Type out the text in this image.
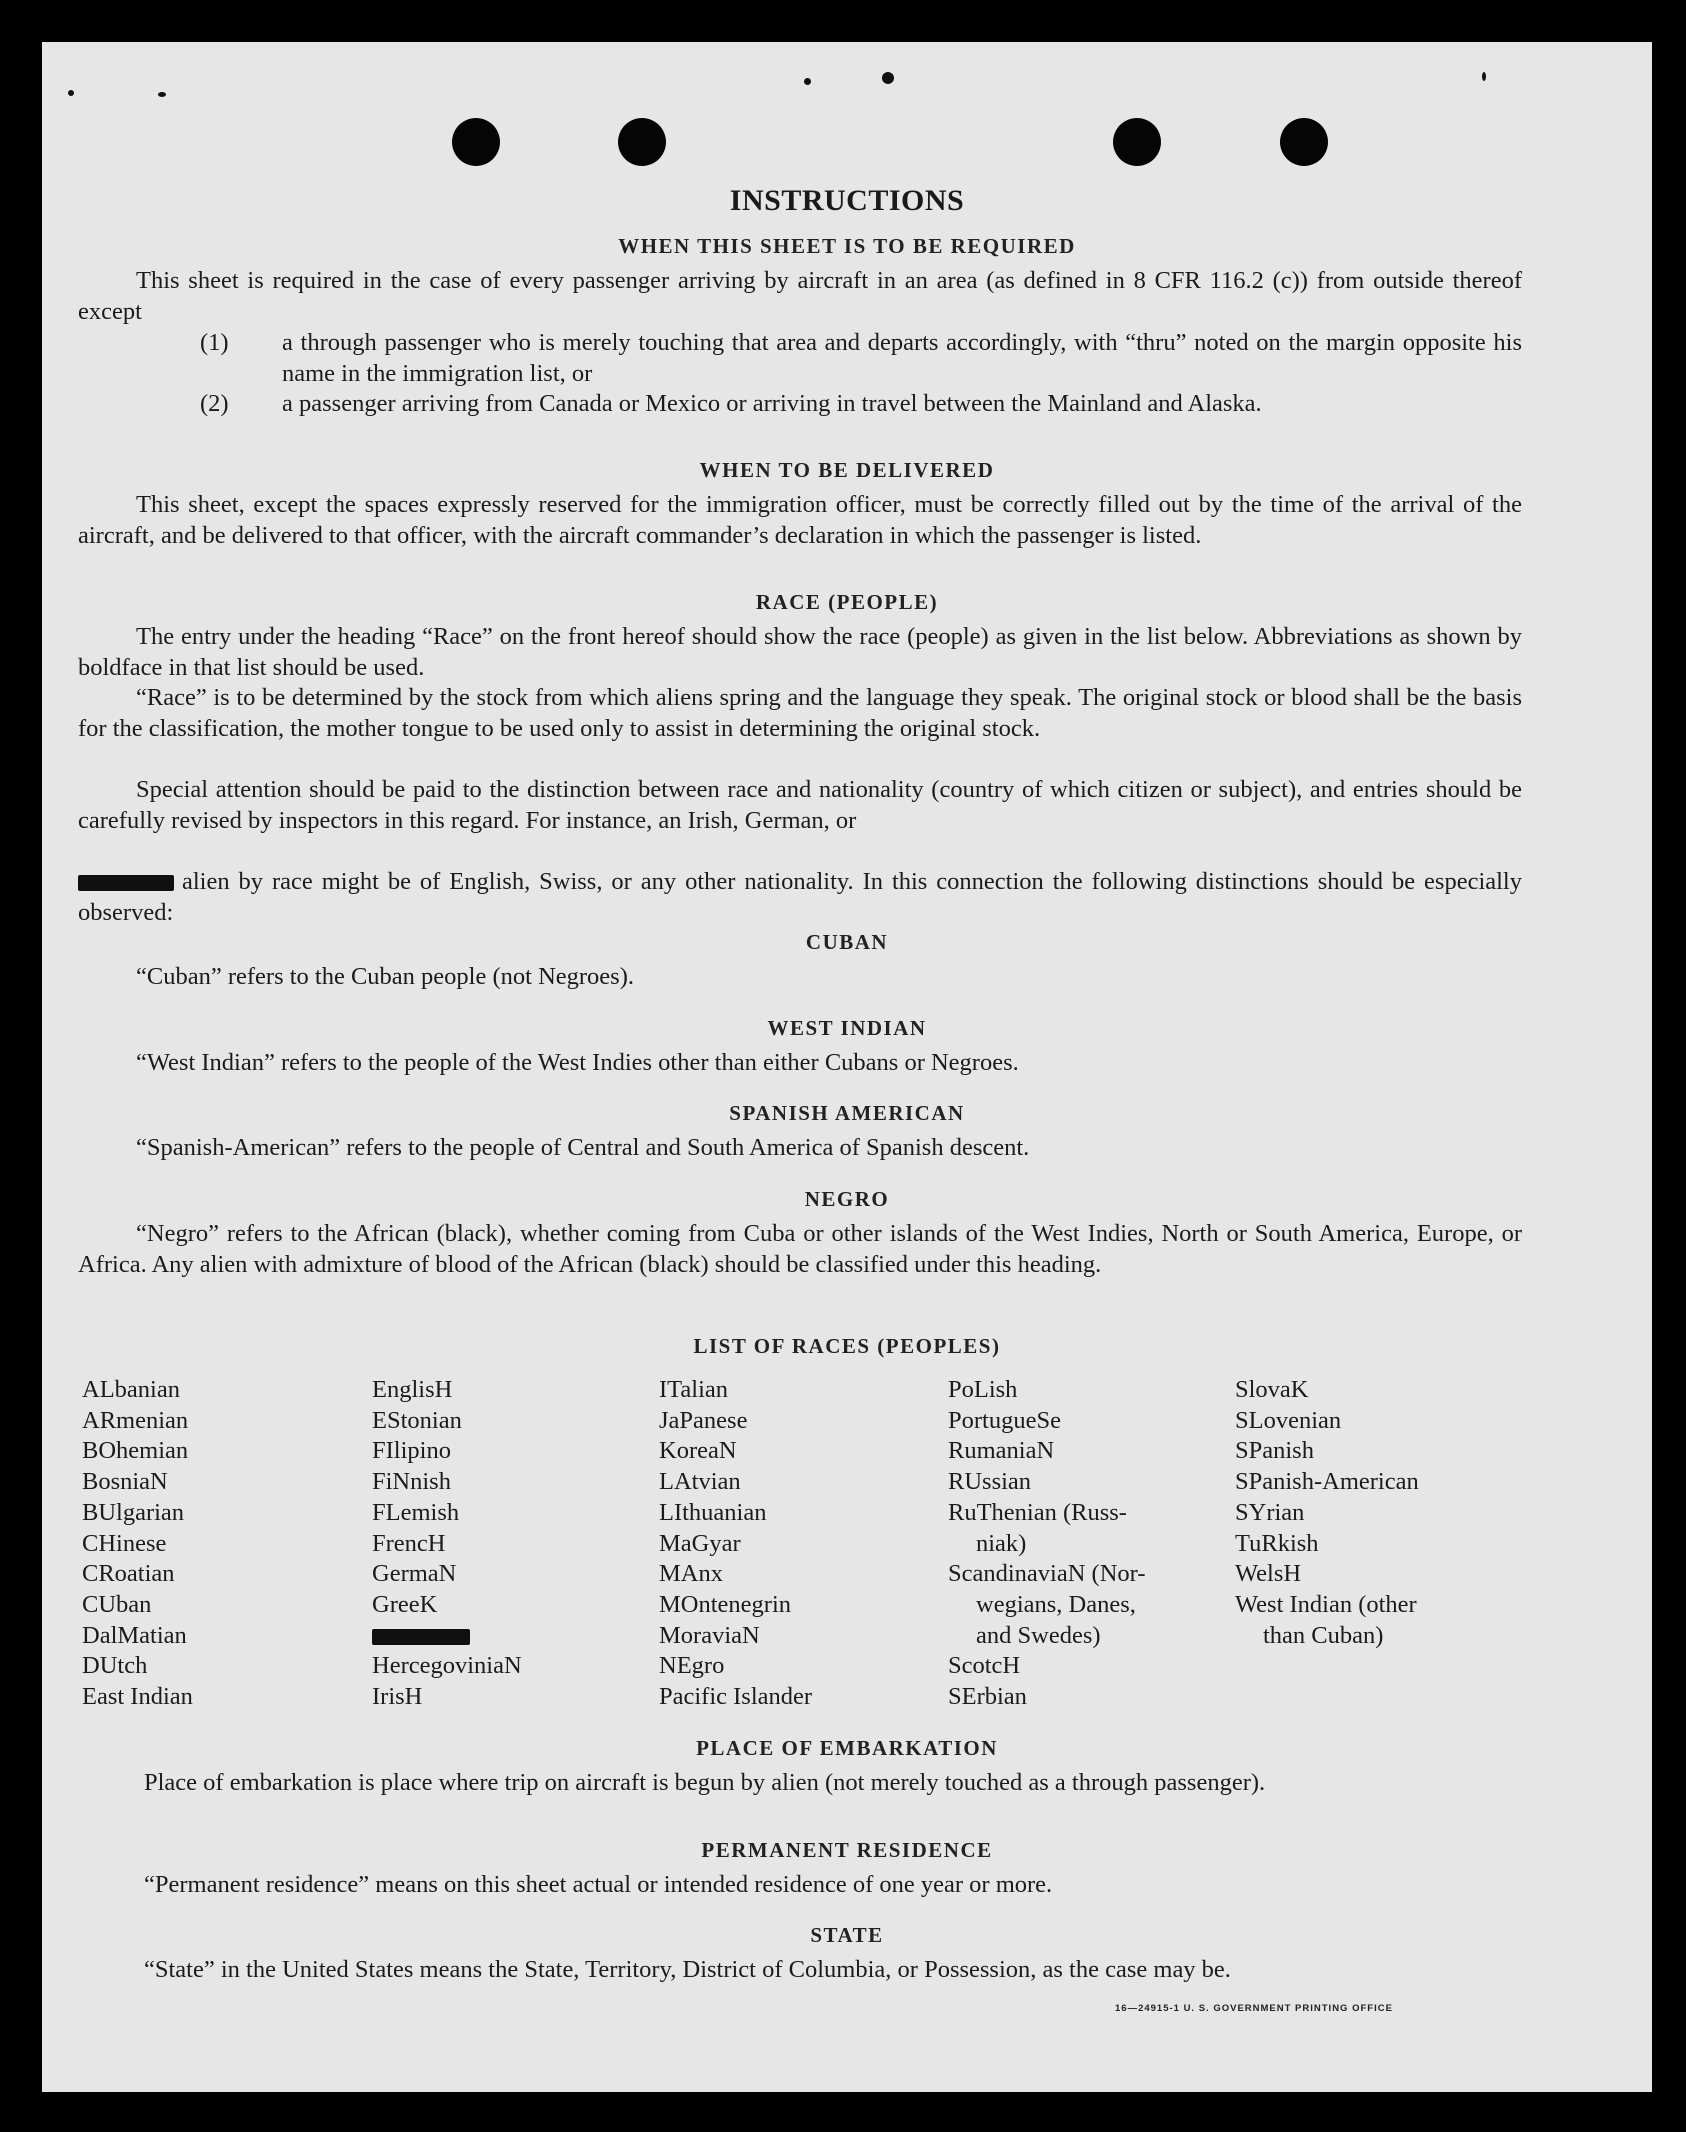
INSTRUCTIONS
WHEN THIS SHEET IS TO BE REQUIRED
This sheet is required in the case of every passenger arriving by aircraft in an area (as defined in 8 CFR 116.2 (c)) from outside thereof except
(1) a through passenger who is merely touching that area and departs accordingly, with “thru” noted on the margin opposite his name in the immigration list, or
(2) a passenger arriving from Canada or Mexico or arriving in travel between the Mainland and Alaska.
WHEN TO BE DELIVERED
This sheet, except the spaces expressly reserved for the immigration officer, must be correctly filled out by the time of the arrival of the aircraft, and be delivered to that officer, with the aircraft commander’s declaration in which the passenger is listed.
RACE (PEOPLE)
The entry under the heading “Race” on the front hereof should show the race (people) as given in the list below. Abbreviations as shown by boldface in that list should be used.
“Race” is to be determined by the stock from which aliens spring and the language they speak. The original stock or blood shall be the basis for the classification, the mother tongue to be used only to assist in determining the original stock.
Special attention should be paid to the distinction between race and nationality (country of which citizen or subject), and entries should be carefully revised by inspectors in this regard. For instance, an Irish, German, or
alien by race might be of English, Swiss, or any other nationality. In this connection the following distinctions should be especially observed:
CUBAN
“Cuban” refers to the Cuban people (not Negroes).
WEST INDIAN
“West Indian” refers to the people of the West Indies other than either Cubans or Negroes.
SPANISH AMERICAN
“Spanish-American” refers to the people of Central and South America of Spanish descent.
NEGRO
“Negro” refers to the African (black), whether coming from Cuba or other islands of the West Indies, North or South America, Europe, or Africa. Any alien with admixture of blood of the African (black) should be classified under this heading.
LIST OF RACES (PEOPLES)
ALbanian
ARmenian
BOhemian
BosniaN
BUlgarian
CHinese
CRoatian
CUban
DalMatian
DUtch
East Indian
EnglisH
EStonian
FIlipino
FiNnish
FLemish
FrencH
GermaN
GreeK
HercegoviniaN
IrisH
ITalian
JaPanese
KoreaN
LAtvian
LIthuanian
MaGyar
MAnx
MOntenegrin
MoraviaN
NEgro
Pacific Islander
PoLish
PortugueSe
RumaniaN
RUssian
RuThenian (Russ-
niak)
ScandinaviaN (Nor-
wegians, Danes,
and Swedes)
ScotcH
SErbian
SlovaK
SLovenian
SPanish
SPanish-American
SYrian
TuRkish
WelsH
West Indian (other
than Cuban)
PLACE OF EMBARKATION
Place of embarkation is place where trip on aircraft is begun by alien (not merely touched as a through passenger).
PERMANENT RESIDENCE
“Permanent residence” means on this sheet actual or intended residence of one year or more.
STATE
“State” in the United States means the State, Territory, District of Columbia, or Possession, as the case may be.
16—24915-1 U. S. GOVERNMENT PRINTING OFFICE
